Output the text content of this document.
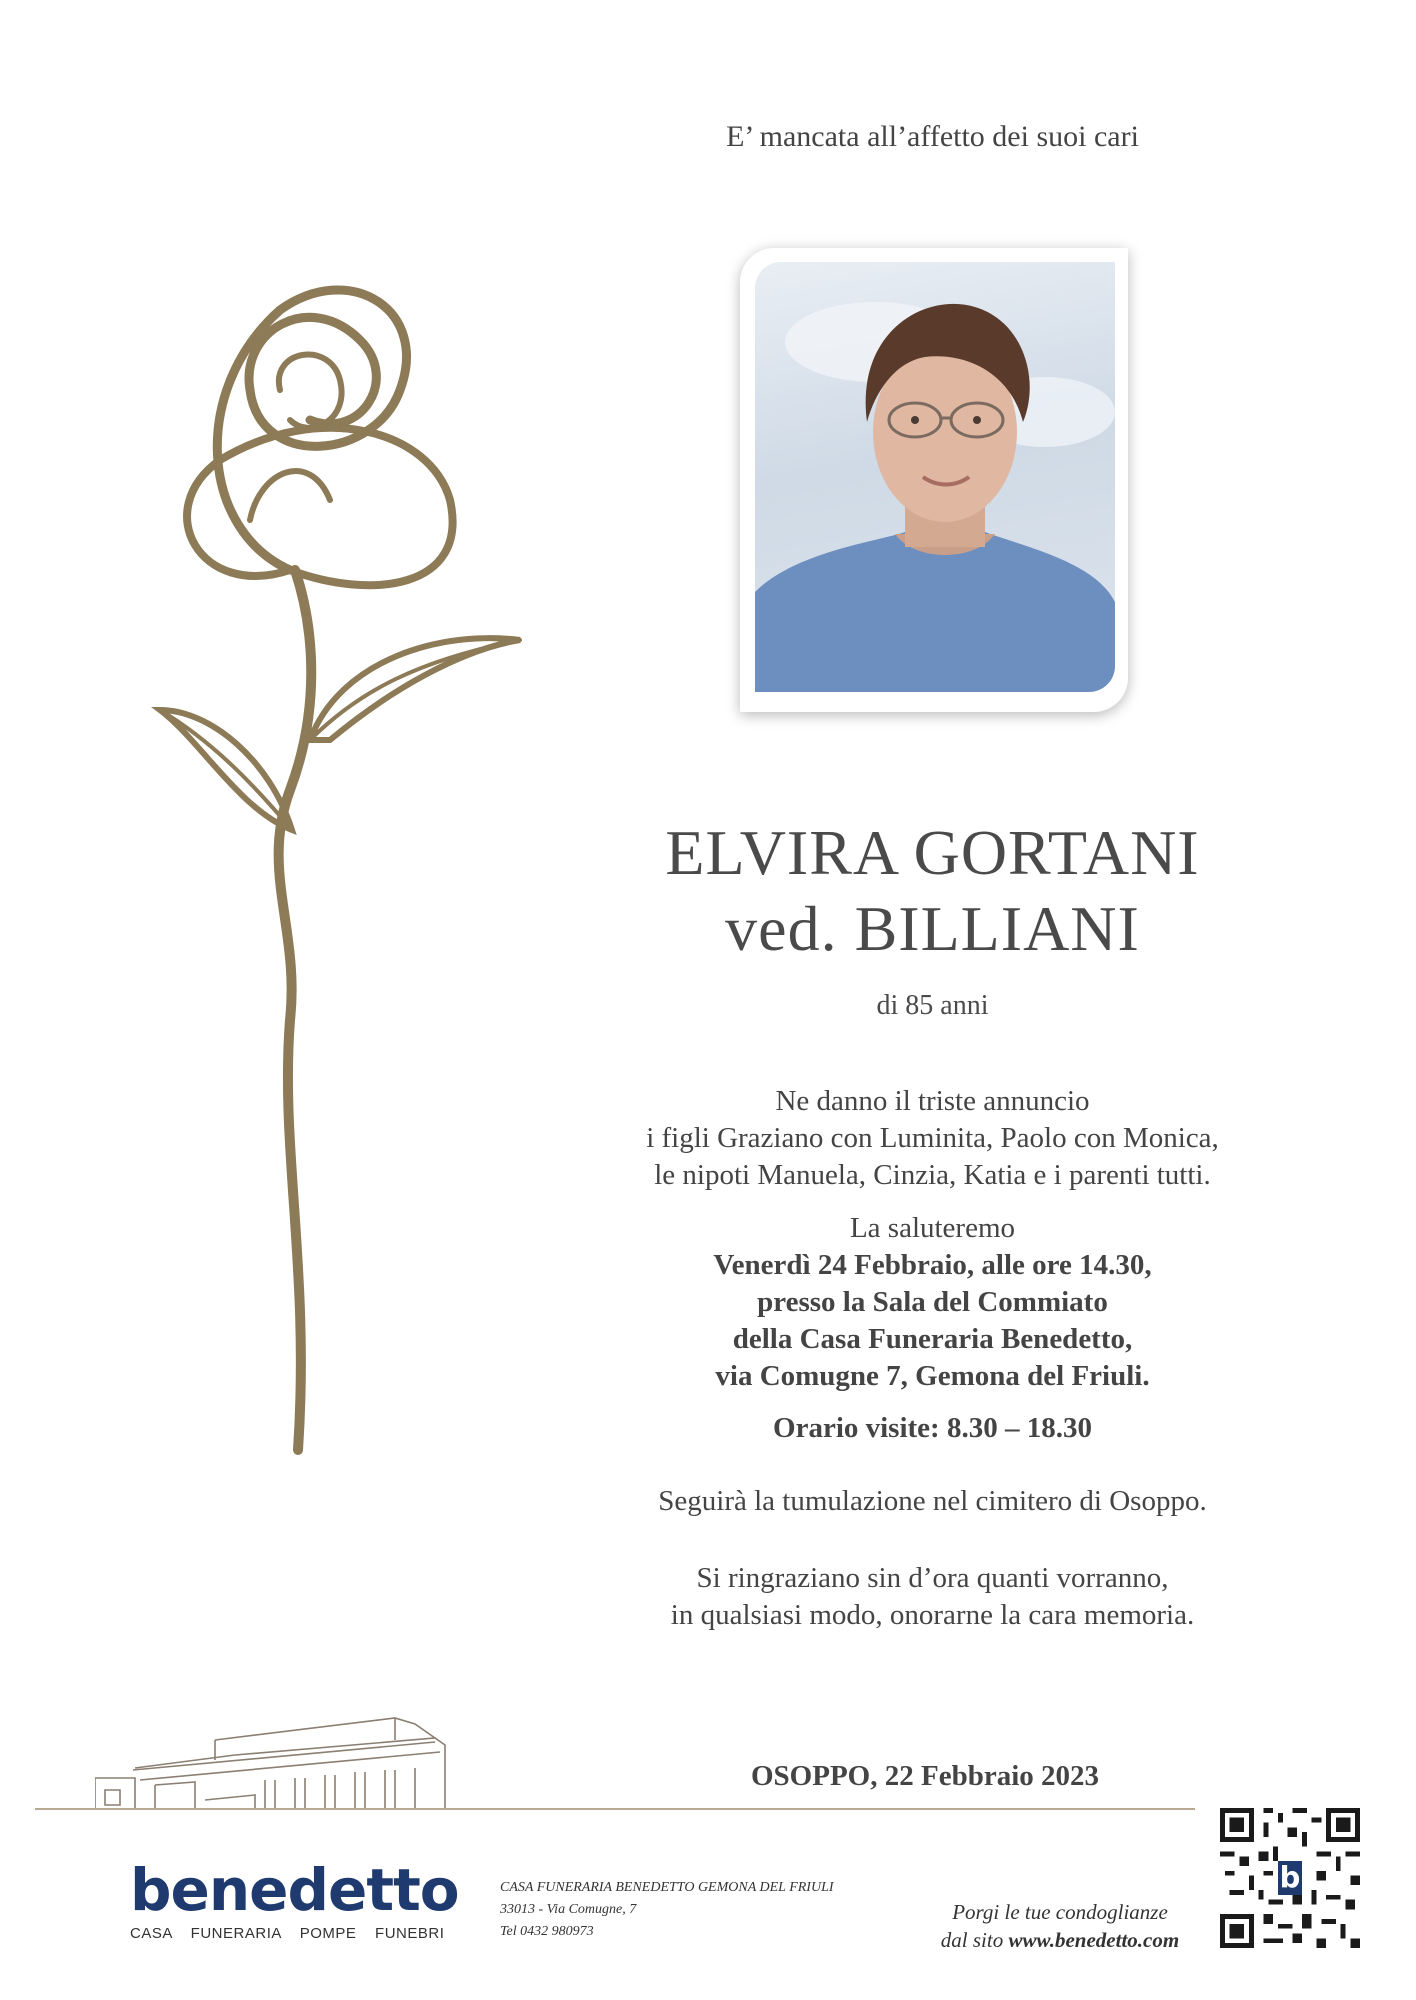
E’ mancata all’affetto dei suoi cari
ELVIRA GORTANI
ved. BILLIANI
di 85 anni
Ne danno il triste annuncio
i figli Graziano con Luminita, Paolo con Monica,
le nipoti Manuela, Cinzia, Katia e i parenti tutti.
La saluteremo
Venerdì 24 Febbraio, alle ore 14.30,
presso la Sala del Commiato
della Casa Funeraria Benedetto,
via Comugne 7, Gemona del Friuli.
Orario visite: 8.30 – 18.30
Seguirà la tumulazione nel cimitero di Osoppo.
Si ringraziano sin d’ora quanti vorranno,
in qualsiasi modo, onorarne la cara memoria.
OSOPPO, 22 Febbraio 2023
benedetto
CASA FUNERARIA POMPE FUNEBRI
CASA FUNERARIA BENEDETTO GEMONA DEL FRIULI
33013 - Via Comugne, 7
Tel 0432 980973
Porgi le tue condoglianze
dal sito www.benedetto.com
b
